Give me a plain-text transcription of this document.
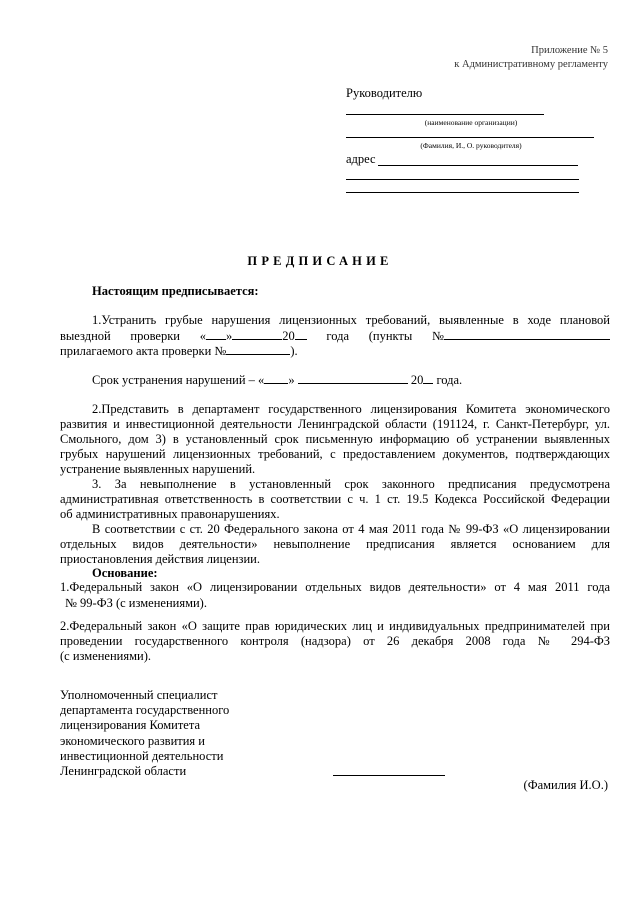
Приложение № 5
к Административному регламенту
Руководителю
(наименование организации)
(Фамилия, И., О. руководителя)
адрес
ПРЕДПИСАНИЕ
Настоящим предписывается:
1.Устранить грубые нарушения лицензионных требований, выявленные в ходе плановой
выездной проверки « »	20	года (пункты №
прилагаемого акта проверки №	).
Срок устранения нарушений – « »	20 года.
2.Представить в департамент государственного лицензирования Комитета экономического
развития и инвестиционной деятельности Ленинградской области (191124, г. Санкт-Петербург, ул.
Смольного, дом 3) в установленный срок письменную информацию об устранении выявленных
грубых нарушений лицензионных требований, с предоставлением документов, подтверждающих
устранение выявленных нарушений.
3. За невыполнение в установленный срок законного предписания предусмотрена
административная ответственность в соответствии с ч. 1 ст. 19.5 Кодекса Российской Федерации
об административных правонарушениях.
В соответствии с ст. 20 Федерального закона от 4 мая 2011 года № 99-ФЗ «О лицензировании
отдельных видов деятельности» невыполнение предписания является основанием для
приостановления действия лицензии.
Основание:
1.Федеральный закон «О лицензировании отдельных видов деятельности» от 4 мая 2011 года
№ 99-ФЗ (с изменениями).
2.Федеральный закон «О защите прав юридических лиц и индивидуальных предпринимателей при
проведении государственного контроля (надзора) от 26 декабря 2008 года № 294-ФЗ
(с изменениями).
Уполномоченный специалист
департамента государственного
лицензирования Комитета
экономического развития и
инвестиционной деятельности
Ленинградской области
(Фамилия И.О.)
